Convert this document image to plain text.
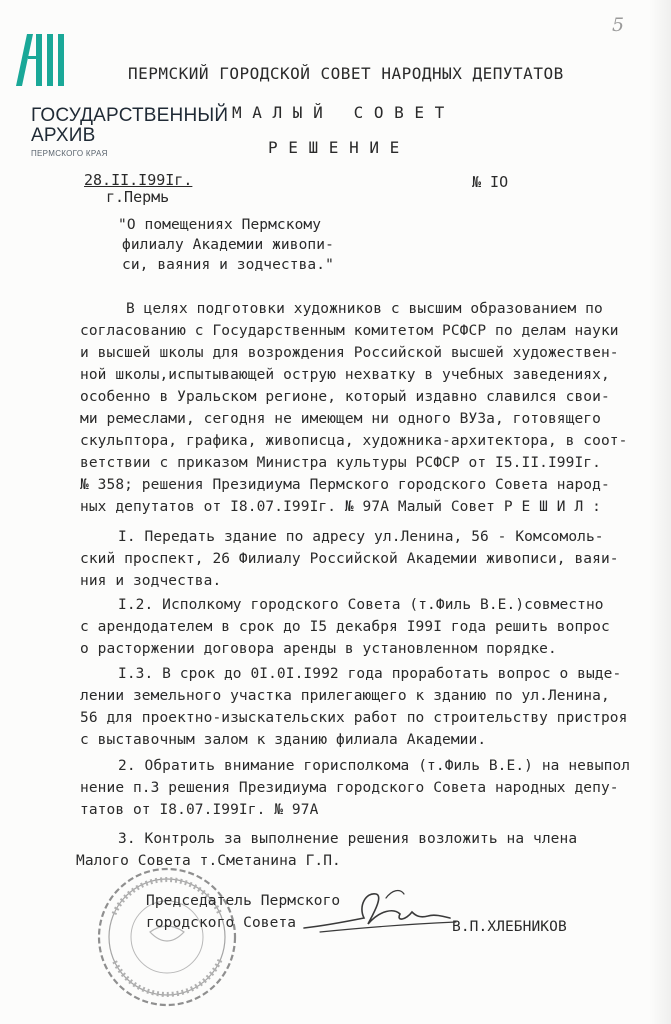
5
ГОСУДАРСТВЕННЫЙ
АРХИВ
ПЕРМСКОГО КРАЯ
ПЕРМСКИЙ ГОРОДСКОЙ СОВЕТ НАРОДНЫХ ДЕПУТАТОВ
М А Л Ы Й   С О В Е Т
Р Е Ш Е Н И Е
28.II.I99Iг.
г.Пермь
№ IO
"О помещениях Пермскому
филиалу Академии живопи-
си, ваяния и зодчества."
В целях подготовки художников с высшим образованием по
согласованию с Государственным комитетом РСФСР по делам науки
и высшей школы для возрождения Российской высшей художествен-
ной школы,испытывающей острую нехватку в учебных заведениях,
особенно в Уральском регионе, который издавно славился свои-
ми ремеслами, сегодня не имеющем ни одного ВУЗа, готовящего
скульптора, графика, живописца, художника-архитектора, в соот-
ветствии с приказом Министра культуры РСФСР от I5.II.I99Iг.
№ 358; решения Президиума Пермского городского Совета народ-
ных депутатов от I8.07.I99Iг. № 97А Малый Совет Р Е Ш И Л :
I. Передать здание по адресу ул.Ленина, 56 - Комсомоль-
ский проспект, 26 Филиалу Российской Академии живописи, ваяи-
ния и зодчества.
I.2. Исполкому городского Совета (т.Филь В.Е.)совместно
с арендодателем в срок до I5 декабря I99I года решить вопрос
о расторжении договора аренды в установленном порядке.
I.3. В срок до 0I.0I.I992 года проработать вопрос о выде-
лении земельного участка прилегающего к зданию по ул.Ленина,
56 для проектно-изыскательских работ по строительству пристроя
с выставочным залом к зданию филиала Академии.
2. Обратить внимание горисполкома (т.Филь В.Е.) на невыпол
нение п.3 решения Президиума городского Совета народных депу-
татов от I8.07.I99Iг. № 97А
3. Контроль за выполнение решения возложить на члена
Малого Совета т.Сметанина Г.П.
Председатель Пермского
городского Совета	В.П.ХЛЕБНИКОВ
